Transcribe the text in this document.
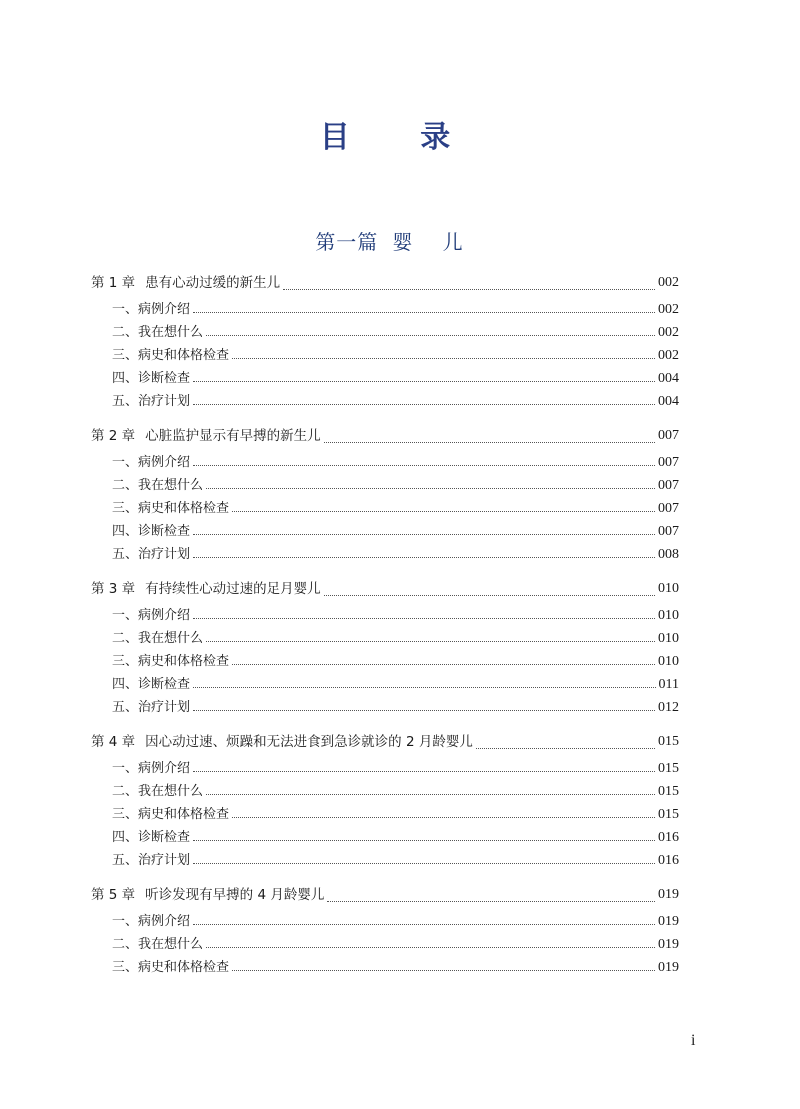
目 录
第一篇 婴 儿
第 1 章 患有心动过缓的新生儿	002
一、病例介绍	002
二、我在想什么	002
三、病史和体格检查	002
四、诊断检查	004
五、治疗计划	004
第 2 章 心脏监护显示有早搏的新生儿	007
一、病例介绍	007
二、我在想什么	007
三、病史和体格检查	007
四、诊断检查	007
五、治疗计划	008
第 3 章 有持续性心动过速的足月婴儿	010
一、病例介绍	010
二、我在想什么	010
三、病史和体格检查	010
四、诊断检查	011
五、治疗计划	012
第 4 章 因心动过速、烦躁和无法进食到急诊就诊的 2 月龄婴儿	015
一、病例介绍	015
二、我在想什么	015
三、病史和体格检查	015
四、诊断检查	016
五、治疗计划	016
第 5 章 听诊发现有早搏的 4 月龄婴儿	019
一、病例介绍	019
二、我在想什么	019
三、病史和体格检查	019
i
